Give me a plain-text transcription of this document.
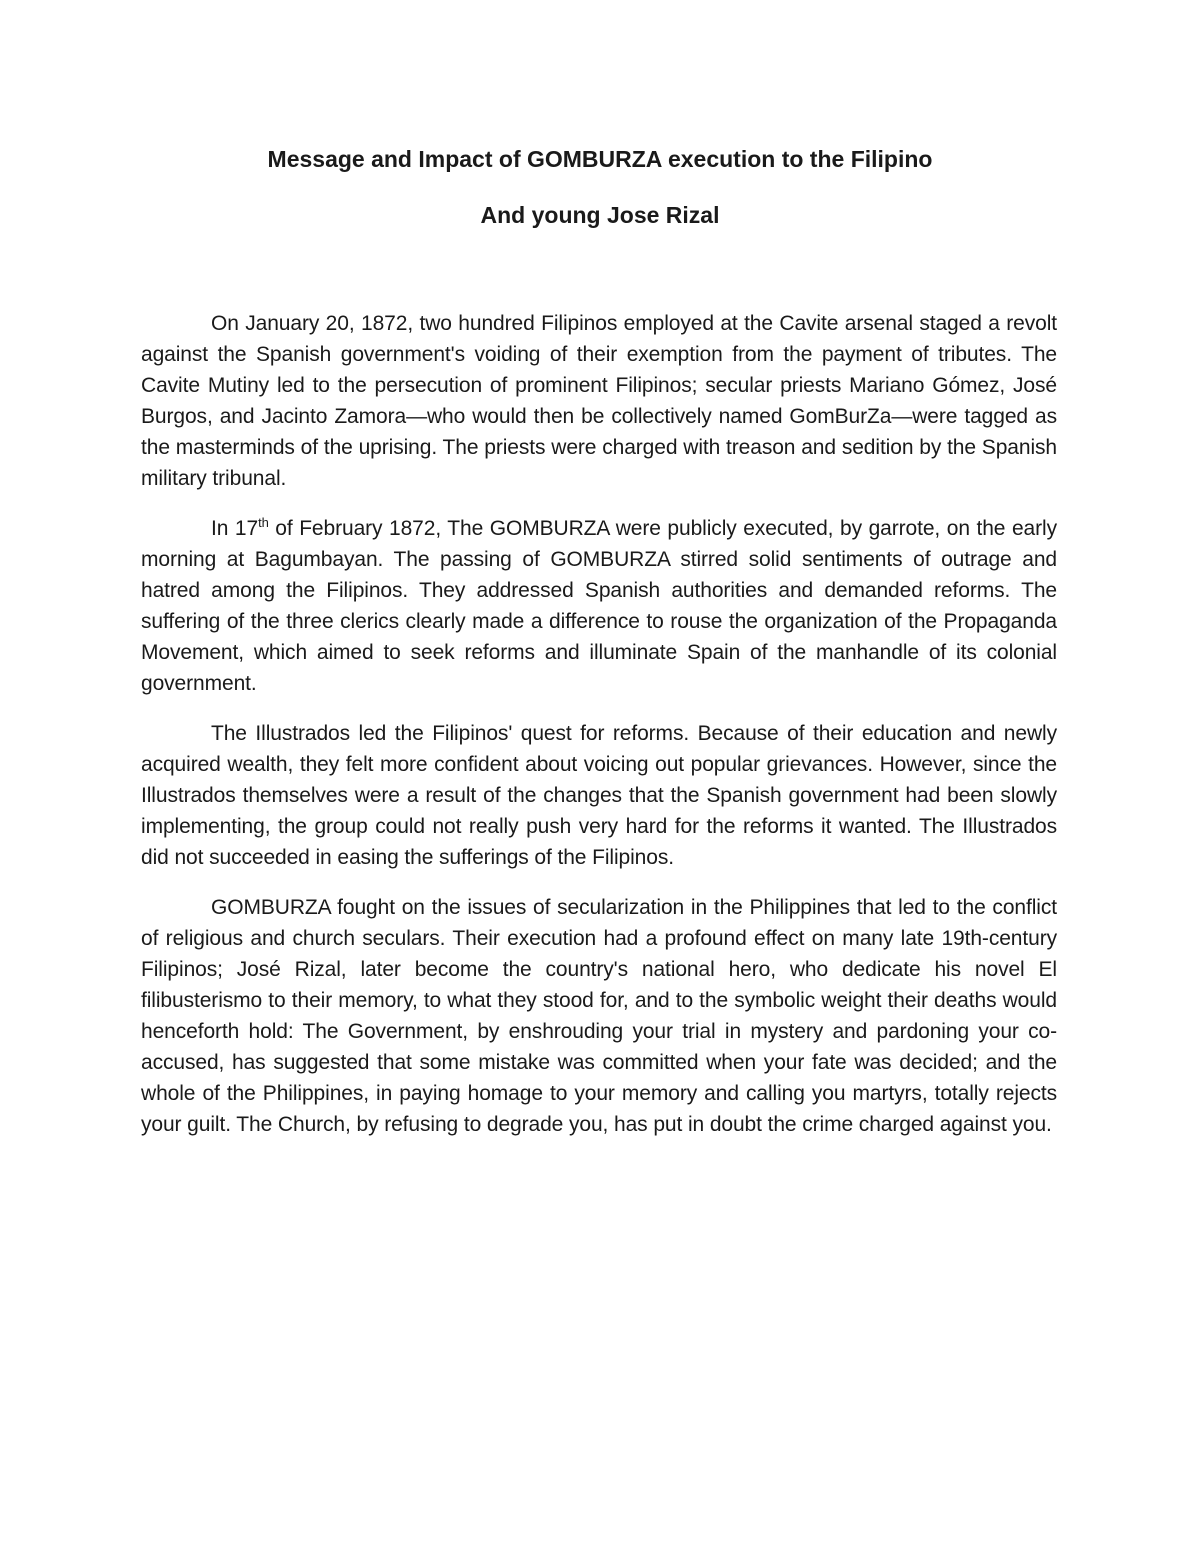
Message and Impact of GOMBURZA execution to the Filipino
And young Jose Rizal

On January 20, 1872, two hundred Filipinos employed at the Cavite arsenal staged a revolt against the Spanish government's voiding of their exemption from the payment of tributes. The Cavite Mutiny led to the persecution of prominent Filipinos; secular priests Mariano Gómez, José Burgos, and Jacinto Zamora—who would then be collectively named GomBurZa—were tagged as the masterminds of the uprising. The priests were charged with treason and sedition by the Spanish military tribunal.

In 17th of February 1872, The GOMBURZA were publicly executed, by garrote, on the early morning at Bagumbayan. The passing of GOMBURZA stirred solid sentiments of outrage and hatred among the Filipinos. They addressed Spanish authorities and demanded reforms. The suffering of the three clerics clearly made a difference to rouse the organization of the Propaganda Movement, which aimed to seek reforms and illuminate Spain of the manhandle of its colonial government.

The Illustrados led the Filipinos' quest for reforms. Because of their education and newly acquired wealth, they felt more confident about voicing out popular grievances. However, since the Illustrados themselves were a result of the changes that the Spanish government had been slowly implementing, the group could not really push very hard for the reforms it wanted. The Illustrados did not succeeded in easing the sufferings of the Filipinos.

GOMBURZA fought on the issues of secularization in the Philippines that led to the conflict of religious and church seculars. Their execution had a profound effect on many late 19th-century Filipinos; José Rizal, later become the country's national hero, who dedicate his novel El filibusterismo to their memory, to what they stood for, and to the symbolic weight their deaths would henceforth hold: The Government, by enshrouding your trial in mystery and pardoning your co-accused, has suggested that some mistake was committed when your fate was decided; and the whole of the Philippines, in paying homage to your memory and calling you martyrs, totally rejects your guilt. The Church, by refusing to degrade you, has put in doubt the crime charged against you.
